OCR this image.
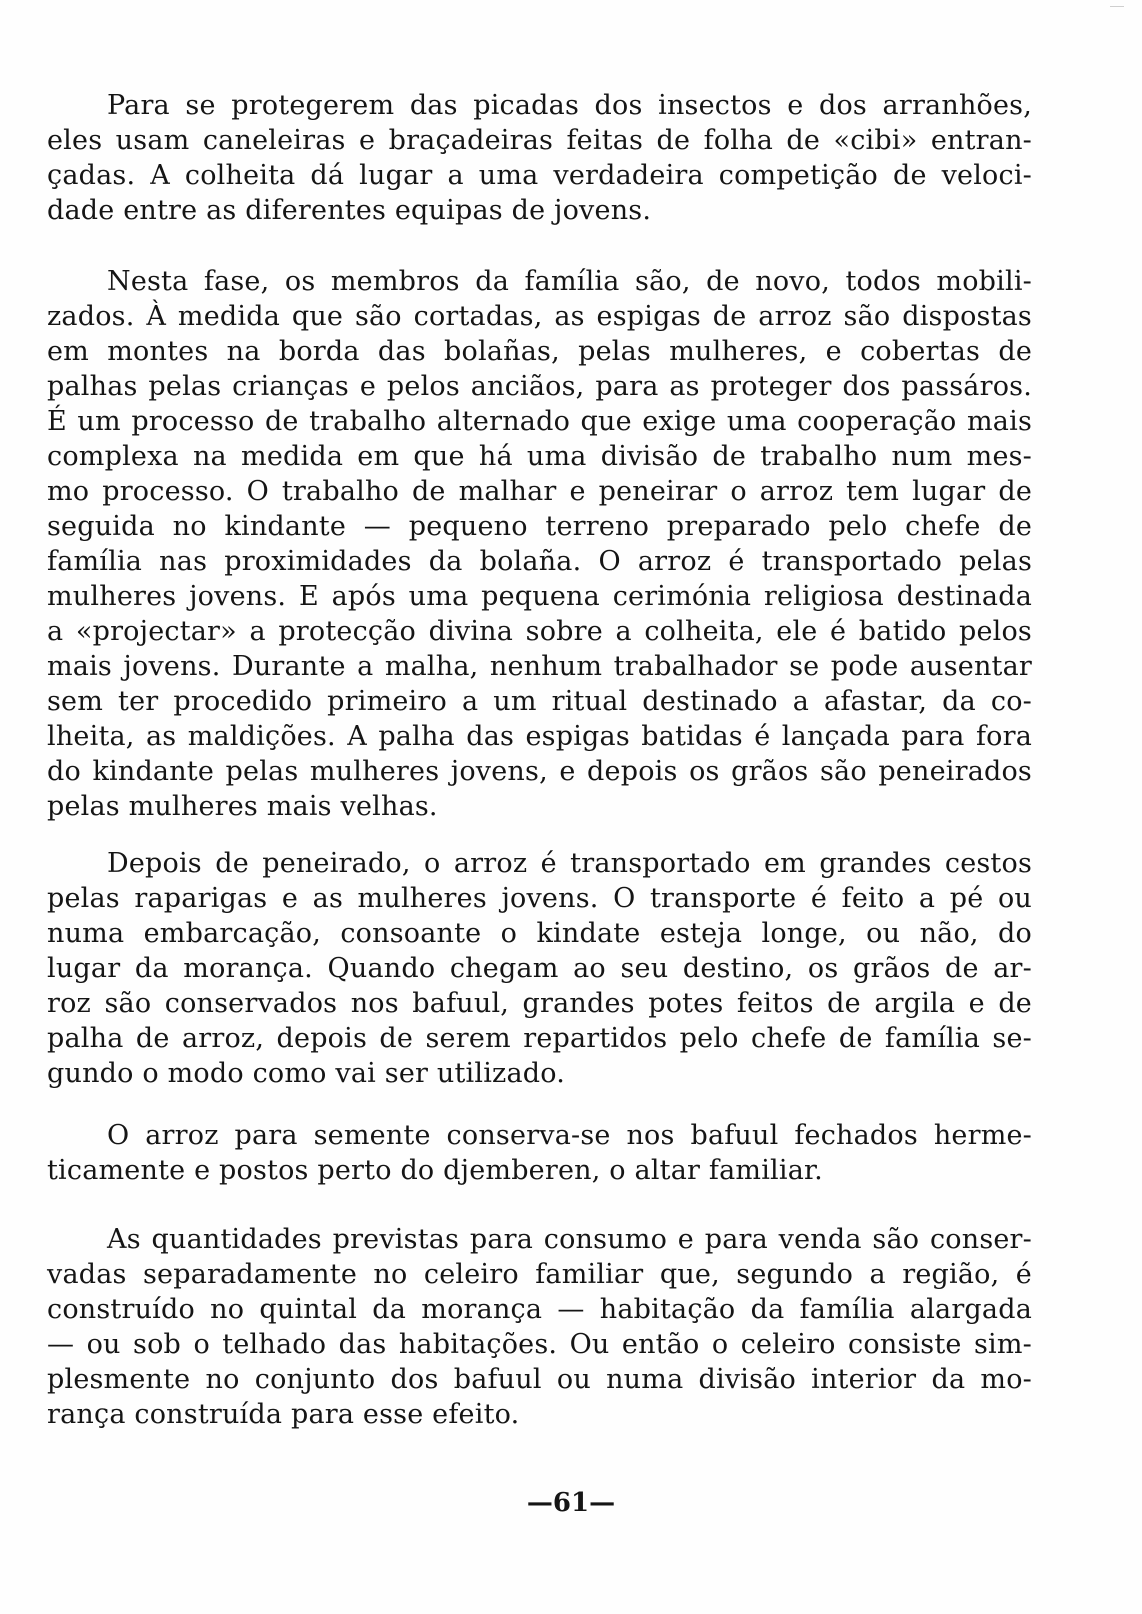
Para se protegerem das picadas dos insectos e dos arranhões,
eles usam caneleiras e braçadeiras feitas de folha de «cibi» entran-
çadas. A colheita dá lugar a uma verdadeira competição de veloci-
dade entre as diferentes equipas de jovens.
Nesta fase, os membros da família são, de novo, todos mobili-
zados. À medida que são cortadas, as espigas de arroz são dispostas
em montes na borda das bolañas, pelas mulheres, e cobertas de
palhas pelas crianças e pelos anciãos, para as proteger dos passáros.
É um processo de trabalho alternado que exige uma cooperação mais
complexa na medida em que há uma divisão de trabalho num mes-
mo processo. O trabalho de malhar e peneirar o arroz tem lugar de
seguida no kindante — pequeno terreno preparado pelo chefe de
família nas proximidades da bolaña. O arroz é transportado pelas
mulheres jovens. E após uma pequena cerimónia religiosa destinada
a «projectar» a protecção divina sobre a colheita, ele é batido pelos
mais jovens. Durante a malha, nenhum trabalhador se pode ausentar
sem ter procedido primeiro a um ritual destinado a afastar, da co-
lheita, as maldições. A palha das espigas batidas é lançada para fora
do kindante pelas mulheres jovens, e depois os grãos são peneirados
pelas mulheres mais velhas.
Depois de peneirado, o arroz é transportado em grandes cestos
pelas raparigas e as mulheres jovens. O transporte é feito a pé ou
numa embarcação, consoante o kindate esteja longe, ou não, do
lugar da morança. Quando chegam ao seu destino, os grãos de ar-
roz são conservados nos bafuul, grandes potes feitos de argila e de
palha de arroz, depois de serem repartidos pelo chefe de família se-
gundo o modo como vai ser utilizado.
O arroz para semente conserva-se nos bafuul fechados herme-
ticamente e postos perto do djemberen, o altar familiar.
As quantidades previstas para consumo e para venda são conser-
vadas separadamente no celeiro familiar que, segundo a região, é
construído no quintal da morança — habitação da família alargada
— ou sob o telhado das habitações. Ou então o celeiro consiste sim-
plesmente no conjunto dos bafuul ou numa divisão interior da mo-
rança construída para esse efeito.
—61—
